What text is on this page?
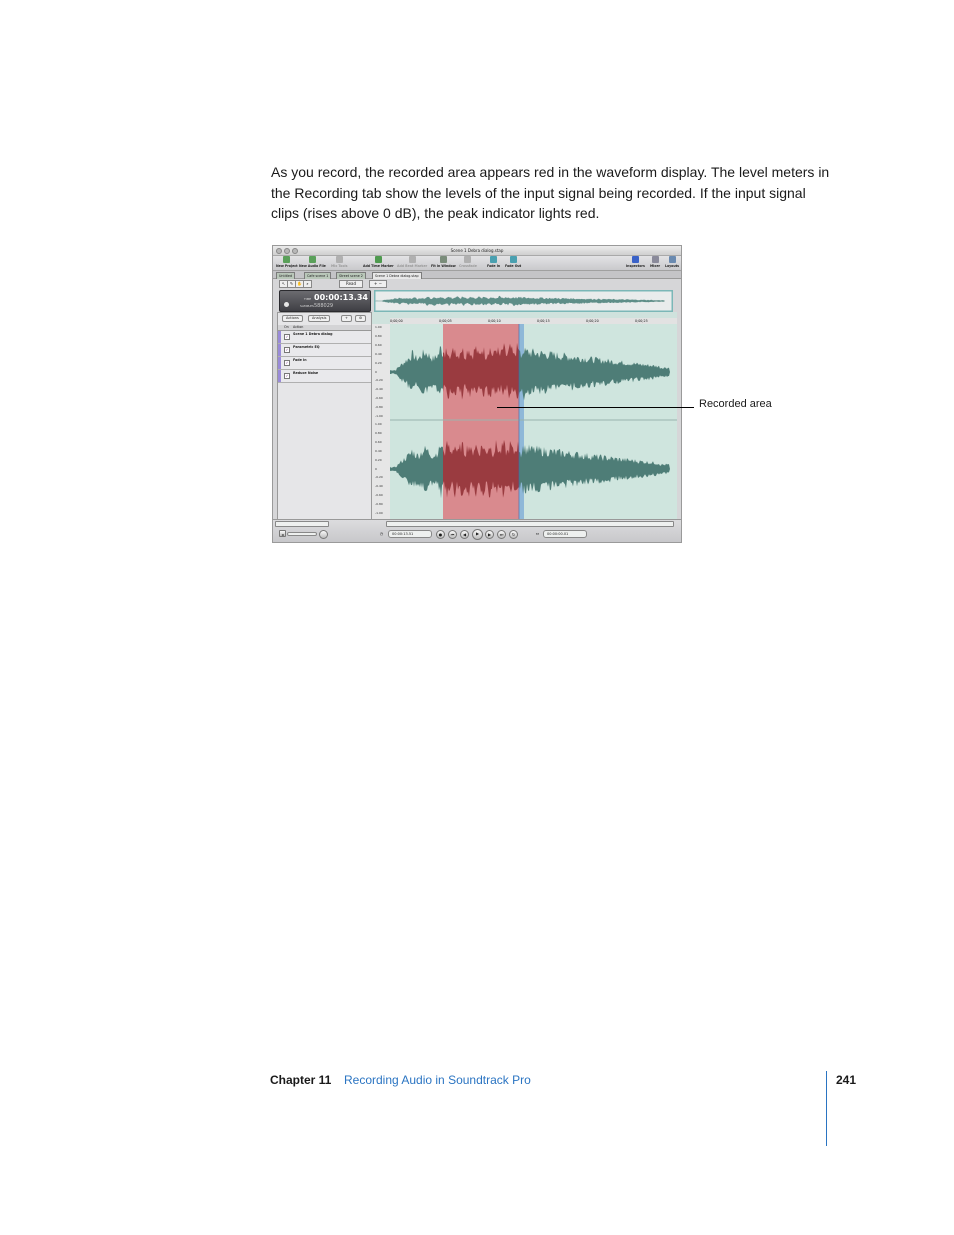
As you record, the recorded area appears red in the waveform display. The level meters in the Recording tab show the levels of the input signal being recorded. If the input signal clips (rises above 0 dB), the peak indicator lights red.

Scene 1 Debra dialog.stap
New Project New Audio File Mix Tools	Add Time Marker Add Beat Marker Fit in Window Crossfade	Fade In Fade Out	Inspectors Mixer Layouts
Untitled	Cafe scene 1	Street scene 2	Scene 1 Debra dialog.stap
↖	✎ ✋	⌕	Read	+ −
TIME
SAMPLES
00:00:13.34
588029
Actions	Analysis	+	⚙
On Action
✓
Scene 1 Debra dialog
✓
Parametric EQ
✓
Fade In
✓
Reduce Noise
0;00;00	0;00;05	0;00;10	0;00;15	0;00;20	0;00;25
1.00
0.80
0.60
0.40
0.20
0
-0.20
-0.40
-0.60
-0.80
-1.00
1.00
0.80
0.60
0.40
0.20
0
-0.20
-0.40
-0.60
-0.80
-1.00
◂	◷	00:00:13.51	●	⏮	◀	▶	▶	⏭	↻	⇔	00:00:00.01
Recorded area
Chapter 11 Recording Audio in Soundtrack Pro	241
